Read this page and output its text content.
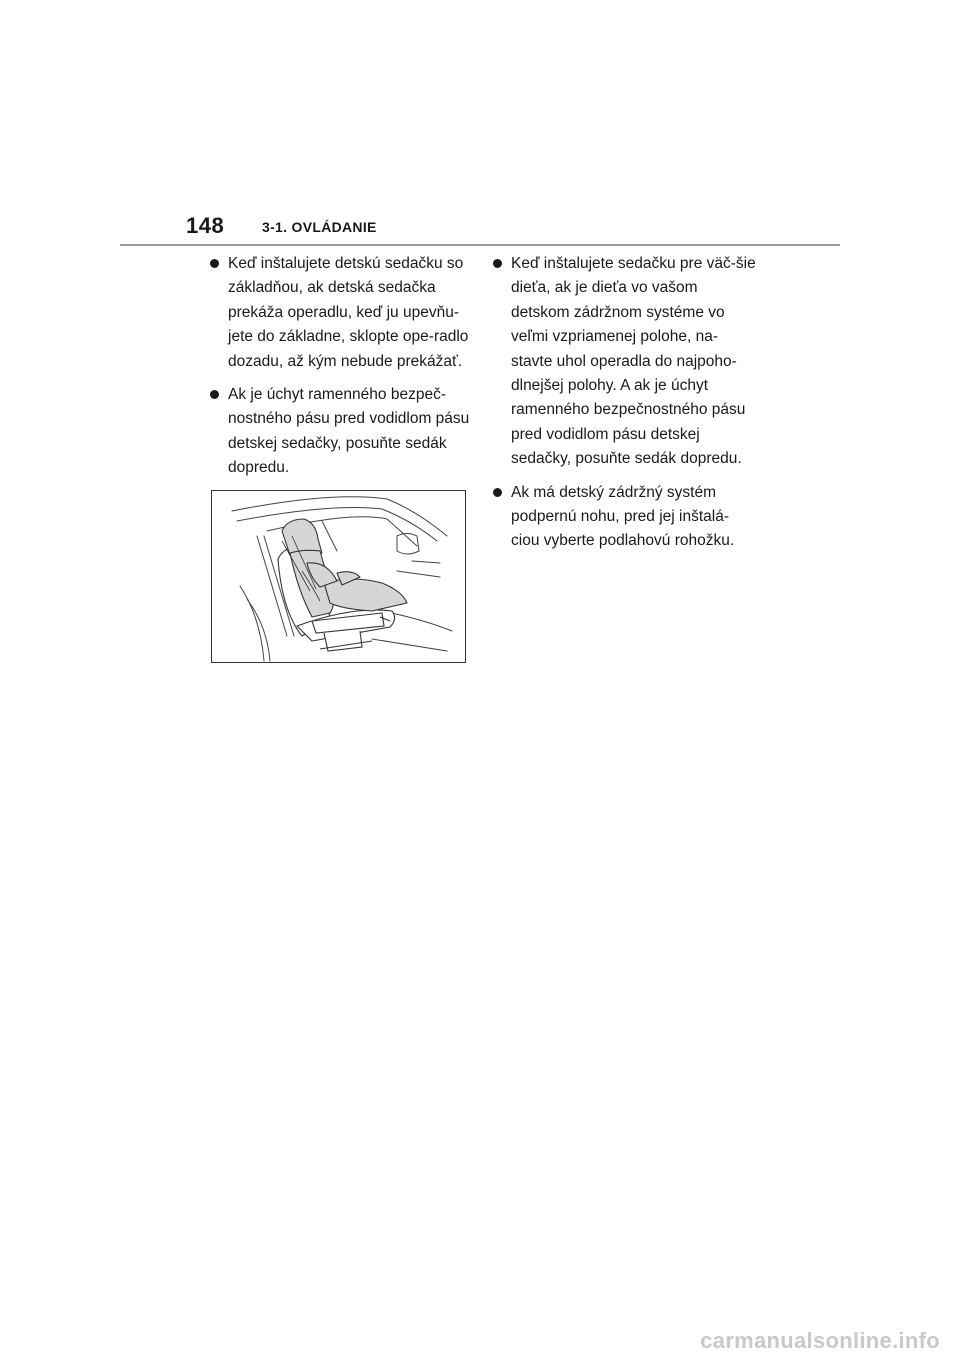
148	3-1. OVLÁDANIE
Keď inštalujete detskú sedačku so základňou, ak detská sedačka prekáža operadlu, keď ju upevňu-jete do základne, sklopte ope-radlo dozadu, až kým nebude prekážať.
Ak je úchyt ramenného bezpeč-nostného pásu pred vodidlom pásu detskej sedačky, posuňte sedák dopredu.
Keď inštalujete sedačku pre väč-šie dieťa, ak je dieťa vo vašom detskom zádržnom systéme vo veľmi vzpriamenej polohe, na-stavte uhol operadla do najpoho-dlnejšej polohy. A ak je úchyt ramenného bezpečnostného pásu pred vodidlom pásu detskej sedačky, posuňte sedák dopredu.
Ak má detský zádržný systém podpernú nohu, pred jej inštalá-ciou vyberte podlahovú rohožku.
carmanualsonline.info
